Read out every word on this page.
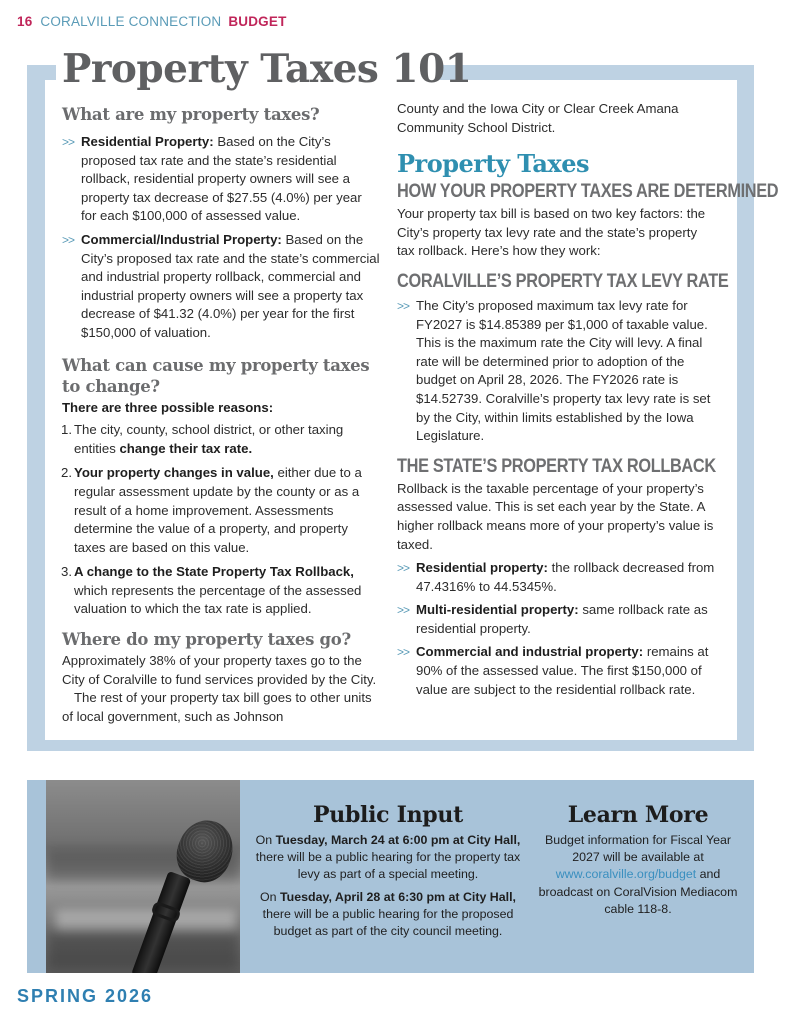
16 CORALVILLE CONNECTION BUDGET
Property Taxes 101
What are my property taxes?
>> Residential Property: Based on the City’s proposed tax rate and the state’s residential rollback, residential property owners will see a property tax decrease of $27.55 (4.0%) per year for each $100,000 of assessed value.
>> Commercial/Industrial Property: Based on the City’s proposed tax rate and the state’s commercial and industrial property rollback, commercial and industrial property owners will see a property tax decrease of $41.32 (4.0%) per year for the first $150,000 of valuation.
What can cause my property taxes to change?
There are three possible reasons:
1. The city, county, school district, or other taxing entities change their tax rate.
2. Your property changes in value, either due to a regular assessment update by the county or as a result of a home improvement. Assessments determine the value of a property, and property taxes are based on this value.
3. A change to the State Property Tax Rollback, which represents the percentage of the assessed valuation to which the tax rate is applied.
Where do my property taxes go?

Approximately 38% of your property taxes go to the City of Coralville to fund services provided by the City.

The rest of your property tax bill goes to other units of local government, such as Johnson

County and the Iowa City or Clear Creek Amana Community School District.

Property Taxes
HOW YOUR PROPERTY TAXES ARE DETERMINED

Your property tax bill is based on two key factors: the City’s property tax levy rate and the state’s property tax rollback. Here’s how they work:

CORALVILLE’S PROPERTY TAX LEVY RATE
>> The City’s proposed maximum tax levy rate for FY2027 is $14.85389 per $1,000 of taxable value. This is the maximum rate the City will levy. A final rate will be determined prior to adoption of the budget on April 28, 2026. The FY2026 rate is $14.52739. Coralville’s property tax levy rate is set by the City, within limits established by the Iowa Legislature.
THE STATE’S PROPERTY TAX ROLLBACK

Rollback is the taxable percentage of your property’s assessed value. This is set each year by the State. A higher rollback means more of your property’s value is taxed.

>> Residential property: the rollback decreased from 47.4316% to 44.5345%.
>> Multi-residential property: same rollback rate as residential property.
>> Commercial and industrial property: remains at 90% of the assessed value. The first $150,000 of value are subject to the residential rollback rate.
Public Input

On Tuesday, March 24 at 6:00 pm at City Hall, there will be a public hearing for the property tax levy as part of a special meeting.

On Tuesday, April 28 at 6:30 pm at City Hall, there will be a public hearing for the proposed budget as part of the city council meeting.

Learn More

Budget information for Fiscal Year 2027 will be available at www.coralville.org/budget and broadcast on CoralVision Mediacom cable 118-8.

SPRING 2026
